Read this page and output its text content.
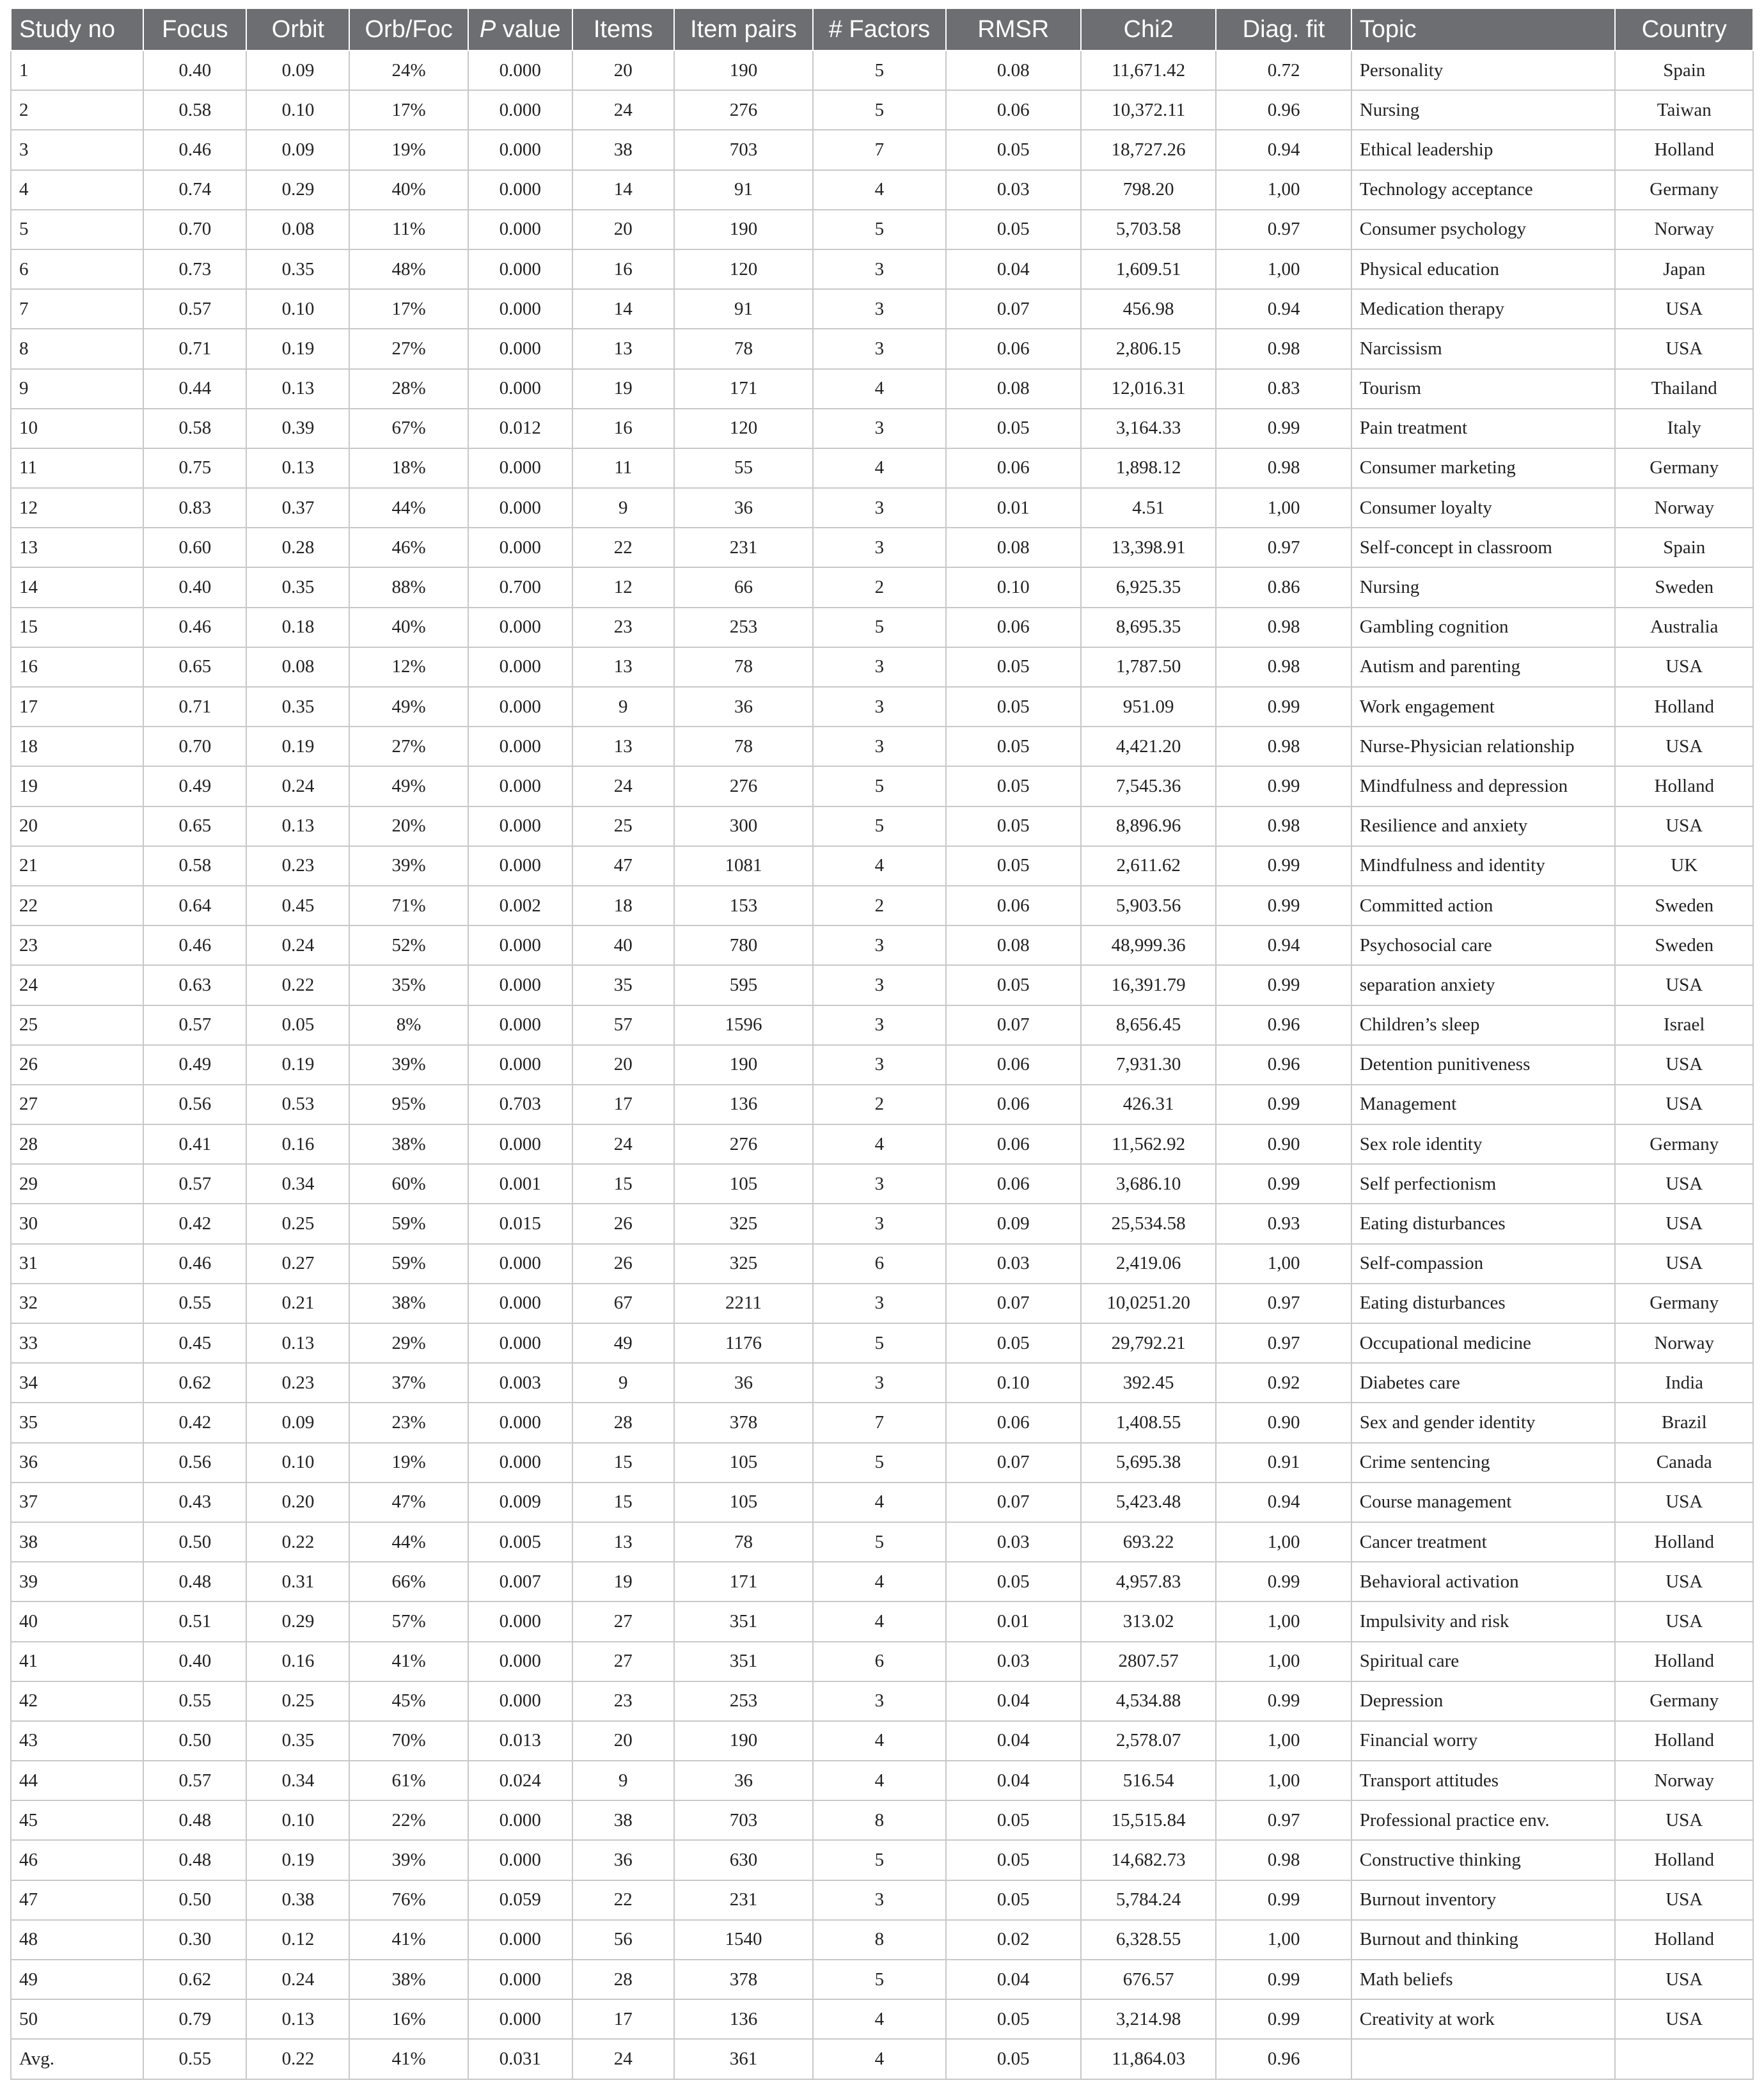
Study no	Focus	Orbit	Orb/Foc	P value	Items	Item pairs	# Factors	RMSR	Chi2	Diag. fit	Topic	Country
1	0.40	0.09	24%	0.000	20	190	5	0.08	11,671.42	0.72	Personality	Spain
2	0.58	0.10	17%	0.000	24	276	5	0.06	10,372.11	0.96	Nursing	Taiwan
3	0.46	0.09	19%	0.000	38	703	7	0.05	18,727.26	0.94	Ethical leadership	Holland
4	0.74	0.29	40%	0.000	14	91	4	0.03	798.20	1,00	Technology acceptance	Germany
5	0.70	0.08	11%	0.000	20	190	5	0.05	5,703.58	0.97	Consumer psychology	Norway
6	0.73	0.35	48%	0.000	16	120	3	0.04	1,609.51	1,00	Physical education	Japan
7	0.57	0.10	17%	0.000	14	91	3	0.07	456.98	0.94	Medication therapy	USA
8	0.71	0.19	27%	0.000	13	78	3	0.06	2,806.15	0.98	Narcissism	USA
9	0.44	0.13	28%	0.000	19	171	4	0.08	12,016.31	0.83	Tourism	Thailand
10	0.58	0.39	67%	0.012	16	120	3	0.05	3,164.33	0.99	Pain treatment	Italy
11	0.75	0.13	18%	0.000	11	55	4	0.06	1,898.12	0.98	Consumer marketing	Germany
12	0.83	0.37	44%	0.000	9	36	3	0.01	4.51	1,00	Consumer loyalty	Norway
13	0.60	0.28	46%	0.000	22	231	3	0.08	13,398.91	0.97	Self-concept in classroom	Spain
14	0.40	0.35	88%	0.700	12	66	2	0.10	6,925.35	0.86	Nursing	Sweden
15	0.46	0.18	40%	0.000	23	253	5	0.06	8,695.35	0.98	Gambling cognition	Australia
16	0.65	0.08	12%	0.000	13	78	3	0.05	1,787.50	0.98	Autism and parenting	USA
17	0.71	0.35	49%	0.000	9	36	3	0.05	951.09	0.99	Work engagement	Holland
18	0.70	0.19	27%	0.000	13	78	3	0.05	4,421.20	0.98	Nurse-Physician relationship	USA
19	0.49	0.24	49%	0.000	24	276	5	0.05	7,545.36	0.99	Mindfulness and depression	Holland
20	0.65	0.13	20%	0.000	25	300	5	0.05	8,896.96	0.98	Resilience and anxiety	USA
21	0.58	0.23	39%	0.000	47	1081	4	0.05	2,611.62	0.99	Mindfulness and identity	UK
22	0.64	0.45	71%	0.002	18	153	2	0.06	5,903.56	0.99	Committed action	Sweden
23	0.46	0.24	52%	0.000	40	780	3	0.08	48,999.36	0.94	Psychosocial care	Sweden
24	0.63	0.22	35%	0.000	35	595	3	0.05	16,391.79	0.99	separation anxiety	USA
25	0.57	0.05	8%	0.000	57	1596	3	0.07	8,656.45	0.96	Children’s sleep	Israel
26	0.49	0.19	39%	0.000	20	190	3	0.06	7,931.30	0.96	Detention punitiveness	USA
27	0.56	0.53	95%	0.703	17	136	2	0.06	426.31	0.99	Management	USA
28	0.41	0.16	38%	0.000	24	276	4	0.06	11,562.92	0.90	Sex role identity	Germany
29	0.57	0.34	60%	0.001	15	105	3	0.06	3,686.10	0.99	Self perfectionism	USA
30	0.42	0.25	59%	0.015	26	325	3	0.09	25,534.58	0.93	Eating disturbances	USA
31	0.46	0.27	59%	0.000	26	325	6	0.03	2,419.06	1,00	Self-compassion	USA
32	0.55	0.21	38%	0.000	67	2211	3	0.07	10,0251.20	0.97	Eating disturbances	Germany
33	0.45	0.13	29%	0.000	49	1176	5	0.05	29,792.21	0.97	Occupational medicine	Norway
34	0.62	0.23	37%	0.003	9	36	3	0.10	392.45	0.92	Diabetes care	India
35	0.42	0.09	23%	0.000	28	378	7	0.06	1,408.55	0.90	Sex and gender identity	Brazil
36	0.56	0.10	19%	0.000	15	105	5	0.07	5,695.38	0.91	Crime sentencing	Canada
37	0.43	0.20	47%	0.009	15	105	4	0.07	5,423.48	0.94	Course management	USA
38	0.50	0.22	44%	0.005	13	78	5	0.03	693.22	1,00	Cancer treatment	Holland
39	0.48	0.31	66%	0.007	19	171	4	0.05	4,957.83	0.99	Behavioral activation	USA
40	0.51	0.29	57%	0.000	27	351	4	0.01	313.02	1,00	Impulsivity and risk	USA
41	0.40	0.16	41%	0.000	27	351	6	0.03	2807.57	1,00	Spiritual care	Holland
42	0.55	0.25	45%	0.000	23	253	3	0.04	4,534.88	0.99	Depression	Germany
43	0.50	0.35	70%	0.013	20	190	4	0.04	2,578.07	1,00	Financial worry	Holland
44	0.57	0.34	61%	0.024	9	36	4	0.04	516.54	1,00	Transport attitudes	Norway
45	0.48	0.10	22%	0.000	38	703	8	0.05	15,515.84	0.97	Professional practice env.	USA
46	0.48	0.19	39%	0.000	36	630	5	0.05	14,682.73	0.98	Constructive thinking	Holland
47	0.50	0.38	76%	0.059	22	231	3	0.05	5,784.24	0.99	Burnout inventory	USA
48	0.30	0.12	41%	0.000	56	1540	8	0.02	6,328.55	1,00	Burnout and thinking	Holland
49	0.62	0.24	38%	0.000	28	378	5	0.04	676.57	0.99	Math beliefs	USA
50	0.79	0.13	16%	0.000	17	136	4	0.05	3,214.98	0.99	Creativity at work	USA
Avg.	0.55	0.22	41%	0.031	24	361	4	0.05	11,864.03	0.96		
